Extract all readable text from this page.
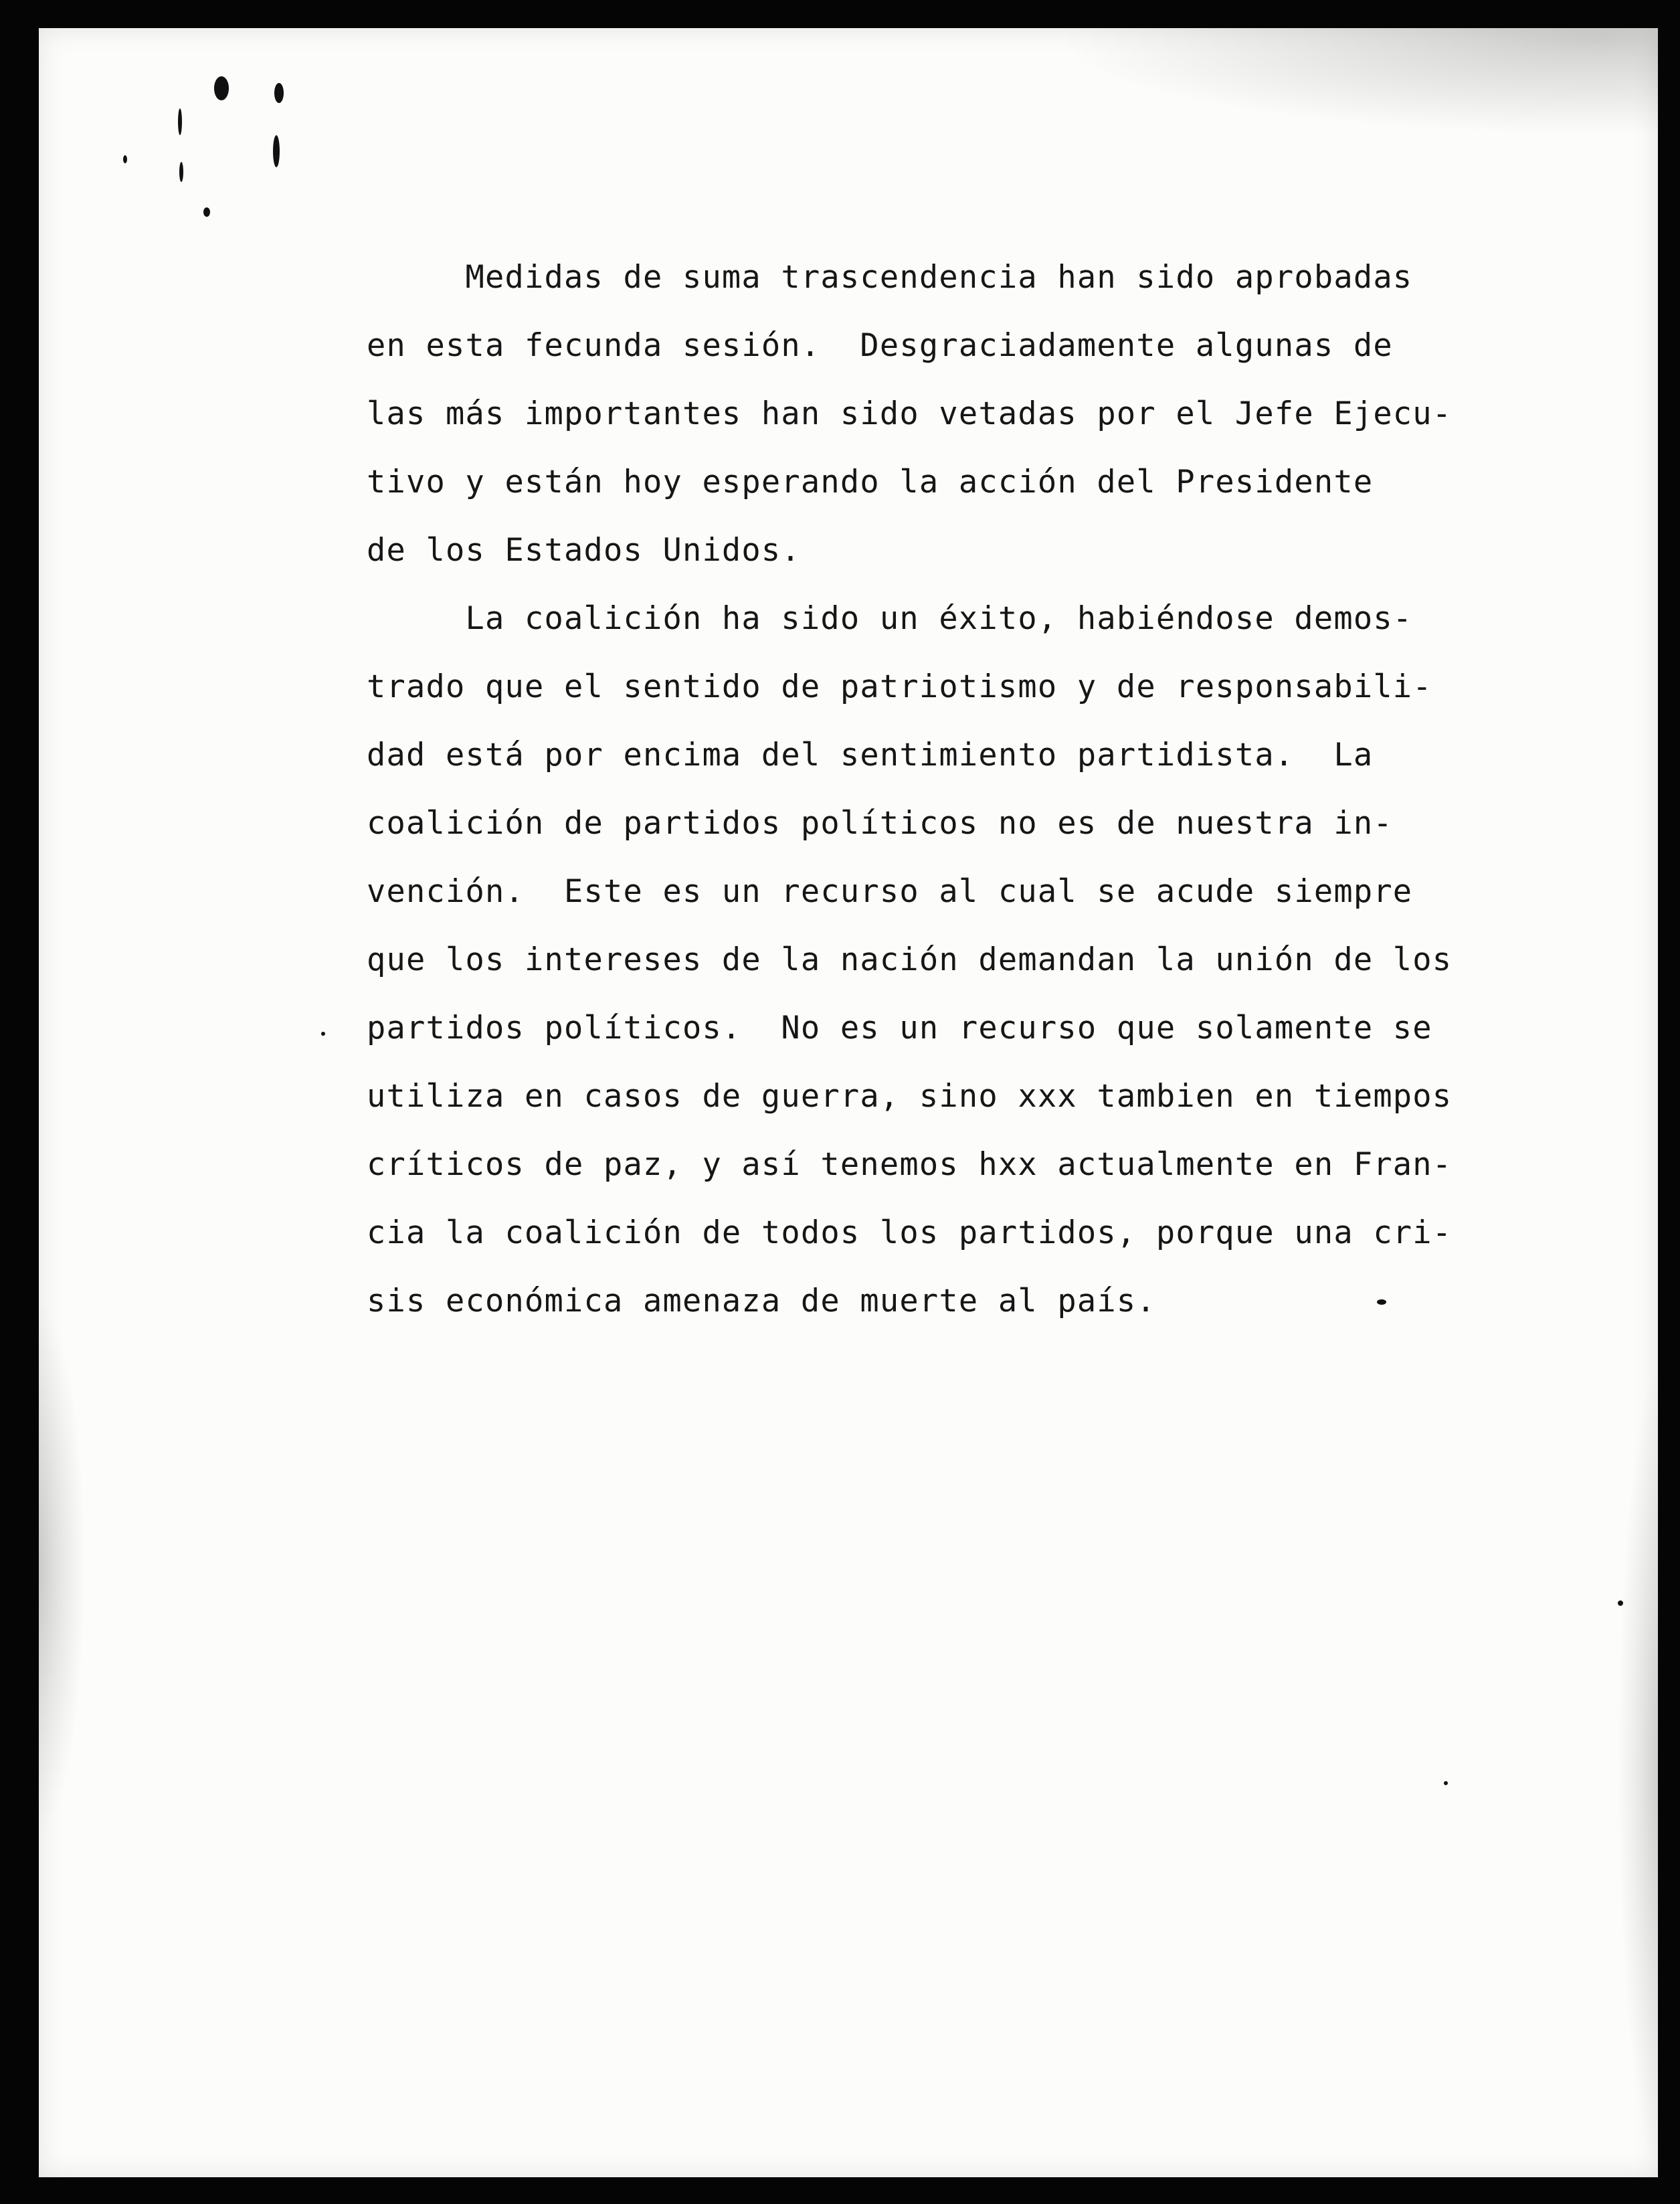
Medidas de suma trascendencia han sido aprobadas
en esta fecunda sesión.  Desgraciadamente algunas de
las más importantes han sido vetadas por el Jefe Ejecu-
tivo y están hoy esperando la acción del Presidente
de los Estados Unidos.
La coalición ha sido un éxito, habiéndose demos-
trado que el sentido de patriotismo y de responsabili-
dad está por encima del sentimiento partidista.  La
coalición de partidos políticos no es de nuestra in-
vención.  Este es un recurso al cual se acude siempre
que los intereses de la nación demandan la unión de los
partidos políticos.  No es un recurso que solamente se
utiliza en casos de guerra, sino xxx tambien en tiempos
críticos de paz, y así tenemos hxx actualmente en Fran-
cia la coalición de todos los partidos, porque una cri-
sis económica amenaza de muerte al país.
